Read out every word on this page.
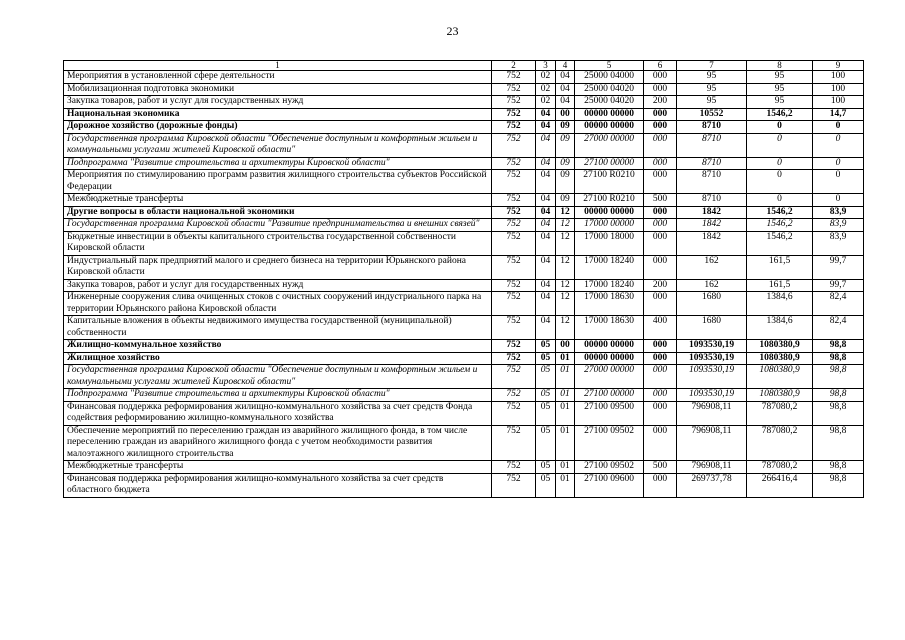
23
1	2	3	4	5	6	7	8	9
Мероприятия в установленной сфере деятельности	752	02	04	25000 04000	000	95	95	100
Мобилизационная подготовка экономики	752	02	04	25000 04020	000	95	95	100
Закупка товаров, работ и услуг для государственных нужд	752	02	04	25000 04020	200	95	95	100
Национальная экономика	752	04	00	00000 00000	000	10552	1546,2	14,7
Дорожное хозяйство (дорожные фонды)	752	04	09	00000 00000	000	8710	0	0
Государственная программа Кировской области "Обеспечение доступным и комфортным жильем и коммунальными услугами жителей Кировской области"	752	04	09	27000 00000	000	8710	0	0
Подпрограмма "Развитие строительства и архитектуры Кировской области"	752	04	09	27100 00000	000	8710	0	0
Мероприятия по стимулированию программ развития жилищного строительства субъектов Российской Федерации	752	04	09	27100 R0210	000	8710	0	0
Межбюджетные трансферты	752	04	09	27100 R0210	500	8710	0	0
Другие вопросы в области национальной экономики	752	04	12	00000 00000	000	1842	1546,2	83,9
Государственная программа Кировской области "Развитие предпринимательства и внешних связей"	752	04	12	17000 00000	000	1842	1546,2	83,9
Бюджетные инвестиции в объекты капитального строительства государственной собственности Кировской области	752	04	12	17000 18000	000	1842	1546,2	83,9
Индустриальный парк предприятий малого и среднего бизнеса на территории Юрьянского района Кировской области	752	04	12	17000 18240	000	162	161,5	99,7
Закупка товаров, работ и услуг для государственных нужд	752	04	12	17000 18240	200	162	161,5	99,7
Инженерные сооружения слива очищенных стоков с очистных сооружений индустриального парка на территории Юрьянского района Кировской области	752	04	12	17000 18630	000	1680	1384,6	82,4
Капитальные вложения в объекты недвижимого имущества государственной (муниципальной) собственности	752	04	12	17000 18630	400	1680	1384,6	82,4
Жилищно-коммунальное хозяйство	752	05	00	00000 00000	000	1093530,19	1080380,9	98,8
Жилищное хозяйство	752	05	01	00000 00000	000	1093530,19	1080380,9	98,8
Государственная программа Кировской области "Обеспечение доступным и комфортным жильем и коммунальными услугами жителей Кировской области"	752	05	01	27000 00000	000	1093530,19	1080380,9	98,8
Подпрограмма "Развитие строительства и архитектуры Кировской области"	752	05	01	27100 00000	000	1093530,19	1080380,9	98,8
Финансовая поддержка реформирования жилищно-коммунального хозяйства за счет средств Фонда содействия реформированию жилищно-коммунального хозяйства	752	05	01	27100 09500	000	796908,11	787080,2	98,8
Обеспечение мероприятий по переселению граждан из аварийного жилищного фонда, в том числе переселению граждан из аварийного жилищного фонда с учетом необходимости развития малоэтажного жилищного строительства	752	05	01	27100 09502	000	796908,11	787080,2	98,8
Межбюджетные трансферты	752	05	01	27100 09502	500	796908,11	787080,2	98,8
Финансовая поддержка реформирования жилищно-коммунального хозяйства за счет средств областного бюджета	752	05	01	27100 09600	000	269737,78	266416,4	98,8
